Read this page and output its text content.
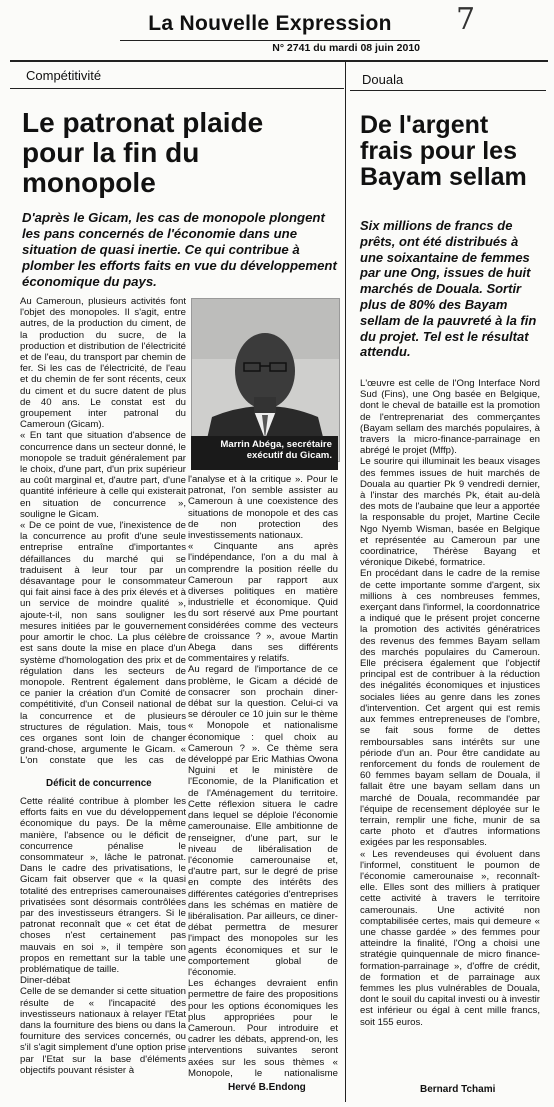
La Nouvelle Expression
N° 2741 du mardi 08 juin 2010
7
Compétitivité
Le patronat plaide pour la fin du monopole
D'après le Gicam, les cas de monopole plongent les pans concernés de l'économie dans une situation de quasi inertie. Ce qui contribue à plomber les efforts faits en vue du développement économique du pays.
Au Cameroun, plusieurs activités font l'objet des monopoles. Il s'agit, entre autres, de la production du ciment, de la production du sucre, de la production et distribution de l'électricité et de l'eau, du transport par chemin de fer. Si les cas de l'électricité, de l'eau et du chemin de fer sont récents, ceux du ciment et du sucre datent de plus de 40 ans. Le constat est du groupement inter patronal du Cameroun (Gicam).
« En tant que situation d'absence de concurrence dans un secteur donné, le monopole se traduit généralement par le choix, d'une part, d'un prix supérieur au coût marginal et, d'autre part, d'une quantité inférieure à celle qui existerait en situation de concurrence », souligne le Gicam.
« De ce point de vue, l'inexistence de la concurrence au profit d'une seule entreprise entraîne d'importantes défaillances du marché qui se traduisent à leur tour par un désavantage pour le consommateur qui fait ainsi face à des prix élevés et à un service de moindre qualité », ajoute-t-il, non sans souligner les mesures initiées par le gouvernement pour amortir le choc. La plus célèbre est sans doute la mise en place d'un système d'homologation des prix et de régulation dans les secteurs de monopole. Rentrent également dans ce panier la création d'un Comité de compétitivité, d'un Conseil national de la concurrence et de plusieurs structures de régulation. Mais, tous ces organes sont loin de changer grand-chose, argumente le Gicam. « L'on constate que les cas de
Déficit de concurrence
Cette réalité contribue à plomber les efforts faits en vue du développement économique du pays. De la même manière, l'absence ou le déficit de concurrence pénalise le consommateur », lâche le patronat. Dans le cadre des privatisations, le Gicam fait observer que « la quasi totalité des entreprises camerounaises privatisées sont désormais contrôlées par des investisseurs étrangers. Si le patronat reconnaît que « cet état de choses n'est certainement pas mauvais en soi », il tempère son propos en remettant sur la table une problématique de taille.
Diner-débat
Celle de se demander si cette situation résulte de « l'incapacité des investisseurs nationaux à relayer l'Etat dans la fourniture des biens ou dans la fourniture des services concernés, ou s'il s'agit simplement d'une option prise par l'Etat sur la base d'éléments objectifs pouvant résister à
Marrin Abéga, secrétaire exécutif du Gicam.
l'analyse et à la critique ». Pour le patronat, l'on semble assister au Cameroun à une coexistence des situations de monopole et des cas de non protection des investissements nationaux.
« Cinquante ans après l'indépendance, l'on a du mal à comprendre la position réelle du Cameroun par rapport aux diverses politiques en matière industrielle et économique. Quid du sort réservé aux Pme pourtant considérées comme des vecteurs de croissance ? », avoue Martin Abega dans ses différents commentaires y relatifs.
Au regard de l'importance de ce problème, le Gicam a décidé de consacrer son prochain diner-débat sur la question. Celui-ci va se dérouler ce 10 juin sur le thème « Monopole et nationalisme économique : quel choix au Cameroun ? ». Ce thème sera développé par Eric Mathias Owona Nguini et le ministère de l'Economie, de la Planification et de l'Aménagement du territoire. Cette réflexion situera le cadre dans lequel se déploie l'économie camerounaise. Elle ambitionne de renseigner, d'une part, sur le niveau de libéralisation de l'économie camerounaise et, d'autre part, sur le degré de prise en compte des intérêts des différentes catégories d'entreprises dans les schémas en matière de libéralisation. Par ailleurs, ce diner-débat permettra de mesurer l'impact des monopoles sur les agents économiques et sur le comportement global de l'économie.
Les échanges devraient enfin permettre de faire des propositions pour les options économiques les plus appropriées pour le Cameroun. Pour introduire et cadrer les débats, apprend-on, les interventions suivantes seront axées sur les sous thèmes « Monopole, le nationalisme
Hervé B.Endong
Douala
De l'argent frais pour les Bayam sellam
Six millions de francs de prêts, ont été distribués à une soixantaine de femmes par une Ong, issues de huit marchés de Douala. Sortir plus de 80% des Bayam sellam de la pauvreté à la fin du projet. Tel est le résultat attendu.
L'œuvre est celle de l'Ong Interface Nord Sud (Fins), une Ong basée en Belgique, dont le cheval de bataille est la promotion de l'entreprenariat des commerçantes (Bayam sellam des marchés populaires, à travers la micro-finance-parrainage en abrégé le projet (Mffp).
Le sourire qui illuminait les beaux visages des femmes issues de huit marchés de Douala au quartier Pk 9 vendredi dernier, à l'instar des marchés Pk, était au-delà des mots de l'aubaine que leur a apportée la responsable du projet, Martine Cecile Ngo Nyemb Wisman, basée en Belgique et représentée au Cameroun par une coordinatrice, Thérèse Bayang et véronique Dikebé, formatrice.
En procédant dans le cadre de la remise de cette importante somme d'argent, six millions à ces nombreuses femmes, exerçant dans l'informel, la coordonnatrice a indiqué que le présent projet concerne la promotion des activités génératrices des revenus des femmes Bayam sellam des marchés populaires du Cameroun. Elle précisera également que l'objectif principal est de contribuer à la réduction des inégalités économiques et injustices sociales liées au genre dans les zones d'intervention. Cet argent qui est remis aux femmes entrepreneuses de l'ombre, se fait sous forme de dettes remboursables sans intérêts sur une période d'un an. Pour être candidate au renforcement du fonds de roulement de 60 femmes bayam sellam de Douala, il fallait être une bayam sellam dans un marché de Douala, recommandée par l'équipe de recensement déployée sur le terrain, remplir une fiche, munir de sa carte photo et d'autres informations exigées par les responsables.
« Les revendeuses qui évoluent dans l'informel, constituent le poumon de l'économie camerounaise », reconnaît-elle. Elles sont des milliers à pratiquer cette activité à travers le territoire camerounais. Une activité non comptabilisée certes, mais qui demeure « une chasse gardée » des femmes pour atteindre la finalité, l'Ong a choisi une stratégie quinquennale de micro finance-formation-parrainage », d'offre de crédit, de formation et de parrainage aux femmes les plus vulnérables de Douala, dont le souil du capital investi ou à investir est inférieur ou égal à cent mille francs, soit 155 euros.
Bernard Tchami
